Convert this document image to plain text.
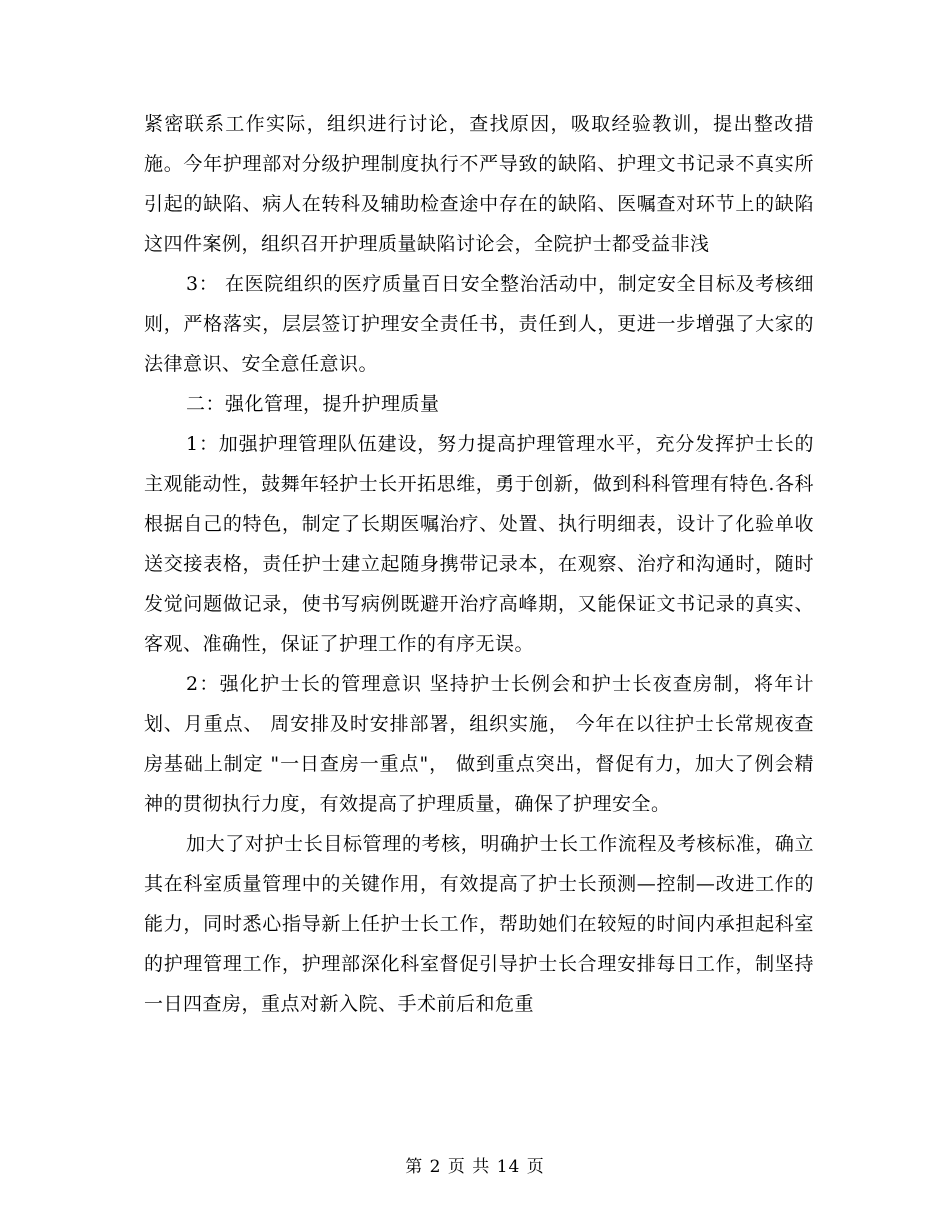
紧密联系工作实际，组织进行讨论，查找原因，吸取经验教训，提出整改措施。今年护理部对分级护理制度执行不严导致的缺陷、护理文书记录不真实所引起的缺陷、病人在转科及辅助检查途中存在的缺陷、医嘱查对环节上的缺陷这四件案例，组织召开护理质量缺陷讨论会，全院护士都受益非浅

3： 在医院组织的医疗质量百日安全整治活动中，制定安全目标及考核细则，严格落实，层层签订护理安全责任书，责任到人，更进一步增强了大家的法律意识、安全意任意识。

二：强化管理，提升护理质量

1：加强护理管理队伍建设，努力提高护理管理水平，充分发挥护士长的主观能动性，鼓舞年轻护士长开拓思维，勇于创新，做到科科管理有特色.各科根据自己的特色，制定了长期医嘱治疗、处置、执行明细表，设计了化验单收送交接表格，责任护士建立起随身携带记录本，在观察、治疗和沟通时，随时发觉问题做记录，使书写病例既避开治疗高峰期，又能保证文书记录的真实、客观、准确性，保证了护理工作的有序无误。

2：强化护士长的管理意识 坚持护士长例会和护士长夜查房制，将年计划、月重点、 周安排及时安排部署，组织实施， 今年在以往护士长常规夜查房基础上制定 "一日查房一重点"， 做到重点突出，督促有力，加大了例会精神的贯彻执行力度，有效提高了护理质量，确保了护理安全。

加大了对护士长目标管理的考核，明确护士长工作流程及考核标准，确立其在科室质量管理中的关键作用，有效提高了护士长预测—控制—改进工作的能力，同时悉心指导新上任护士长工作，帮助她们在较短的时间内承担起科室的护理管理工作，护理部深化科室督促引导护士长合理安排每日工作，制坚持一日四查房，重点对新入院、手术前后和危重

第 2 页 共 14 页
